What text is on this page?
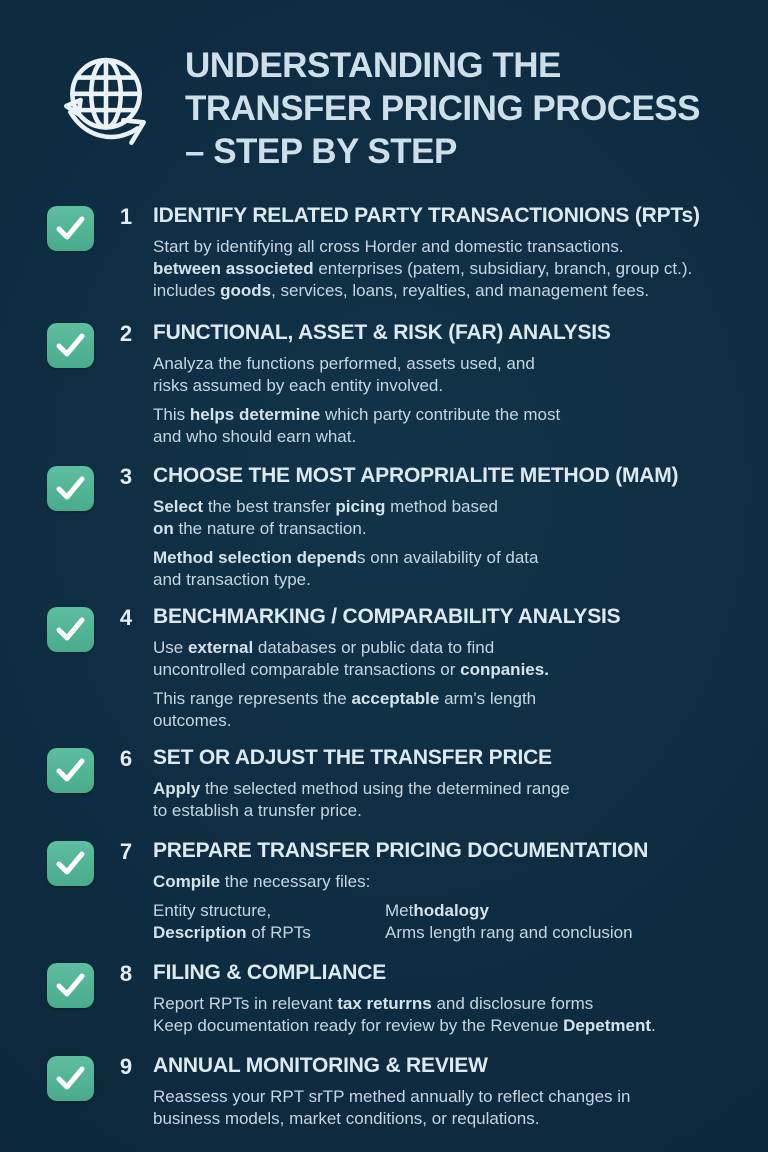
UNDERSTANDING THE
TRANSFER PRICING PROCESS
– STEP BY STEP
1 IDENTIFY RELATED PARTY TRANSACTIONIONS (RPTs)
Start by identifying all cross Horder and domestic transactions.
between associeted enterprises (patem, subsidiary, branch, group ct.).
includes goods, services, loans, reyalties, and management fees.
2 FUNCTIONAL, ASSET & RISK (FAR) ANALYSIS
Analyza the functions performed, assets used, and
risks assumed by each entity involved.
This helps determine which party contribute the most
and who should earn what.
3 CHOOSE THE MOST APROPRIALITE METHOD (MAM)
Select the best transfer picing method based
on the nature of transaction.
Method selection depends onn availability of data
and transaction type.
4 BENCHMARKING / COMPARABILITY ANALYSIS
Use external databases or public data to find
uncontrolled comparable transactions or conpanies.
This range represents the acceptable arm's length
outcomes.
6 SET OR ADJUST THE TRANSFER PRICE
Apply the selected method using the determined range
to establish a trunsfer price.
7 PREPARE TRANSFER PRICING DOCUMENTATION
Compile the necessary files:
Entity structure,
Description of RPTs
Methodalogy
Arms length rang and conclusion
8 FILING & COMPLIANCE
Report RPTs in relevant tax returrns and disclosure forms
Keep documentation ready for review by the Revenue Depetment.
9 ANNUAL MONITORING & REVIEW
Reassess your RPT srTP methed annually to reflect changes in
business models, market conditions, or requlations.
